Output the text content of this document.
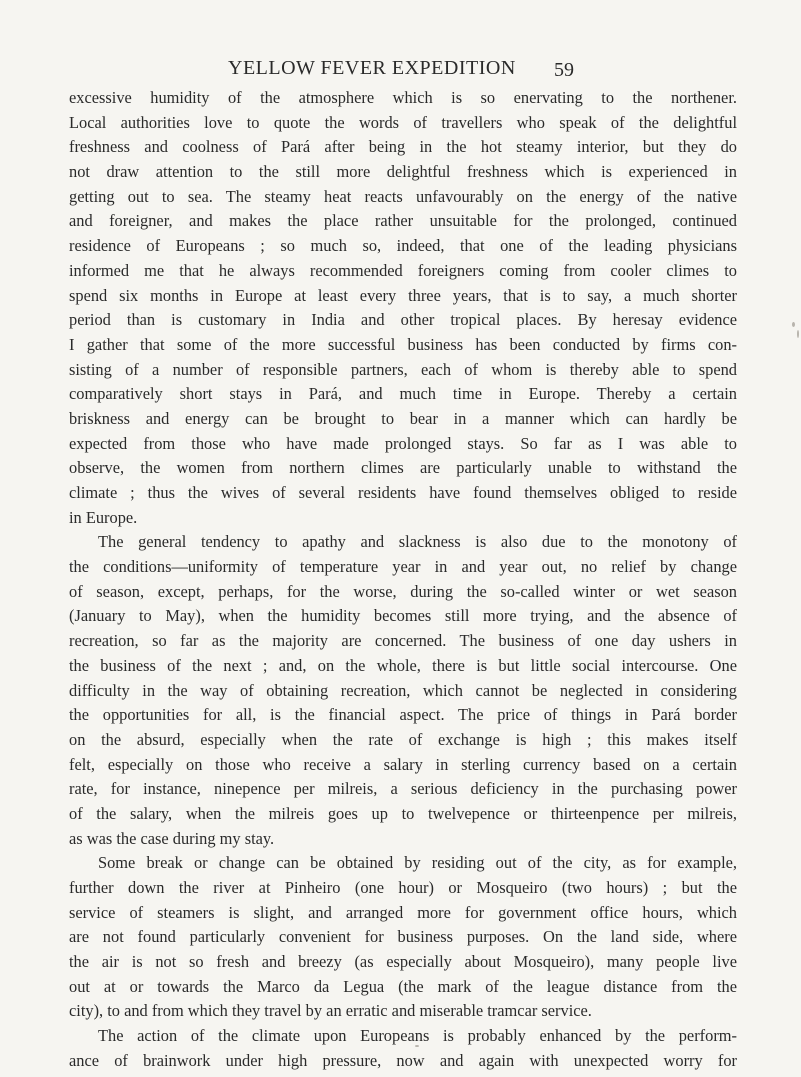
YELLOW FEVER EXPEDITION 59
excessive humidity of the atmosphere which is so enervating to the northener.
Local authorities love to quote the words of travellers who speak of the delightful
freshness and coolness of Pará after being in the hot steamy interior, but they do
not draw attention to the still more delightful freshness which is experienced in
getting out to sea. The steamy heat reacts unfavourably on the energy of the native
and foreigner, and makes the place rather unsuitable for the prolonged, continued
residence of Europeans ; so much so, indeed, that one of the leading physicians
informed me that he always recommended foreigners coming from cooler climes to
spend six months in Europe at least every three years, that is to say, a much shorter
period than is customary in India and other tropical places. By heresay evidence
I gather that some of the more successful business has been conducted by firms con-
sisting of a number of responsible partners, each of whom is thereby able to spend
comparatively short stays in Pará, and much time in Europe. Thereby a certain
briskness and energy can be brought to bear in a manner which can hardly be
expected from those who have made prolonged stays. So far as I was able to
observe, the women from northern climes are particularly unable to withstand the
climate ; thus the wives of several residents have found themselves obliged to reside
in Europe.
The general tendency to apathy and slackness is also due to the monotony of
the conditions—uniformity of temperature year in and year out, no relief by change
of season, except, perhaps, for the worse, during the so-called winter or wet season
(January to May), when the humidity becomes still more trying, and the absence of
recreation, so far as the majority are concerned. The business of one day ushers in
the business of the next ; and, on the whole, there is but little social intercourse. One
difficulty in the way of obtaining recreation, which cannot be neglected in considering
the opportunities for all, is the financial aspect. The price of things in Pará border
on the absurd, especially when the rate of exchange is high ; this makes itself
felt, especially on those who receive a salary in sterling currency based on a certain
rate, for instance, ninepence per milreis, a serious deficiency in the purchasing power
of the salary, when the milreis goes up to twelvepence or thirteenpence per milreis,
as was the case during my stay.
Some break or change can be obtained by residing out of the city, as for example,
further down the river at Pinheiro (one hour) or Mosqueiro (two hours) ; but the
service of steamers is slight, and arranged more for government office hours, which
are not found particularly convenient for business purposes. On the land side, where
the air is not so fresh and breezy (as especially about Mosqueiro), many people live
out at or towards the Marco da Legua (the mark of the league distance from the
city), to and from which they travel by an erratic and miserable tramcar service.
The action of the climate upon Europeans is probably enhanced by the perform-
ance of brainwork under high pressure, now and again with unexpected worry for
